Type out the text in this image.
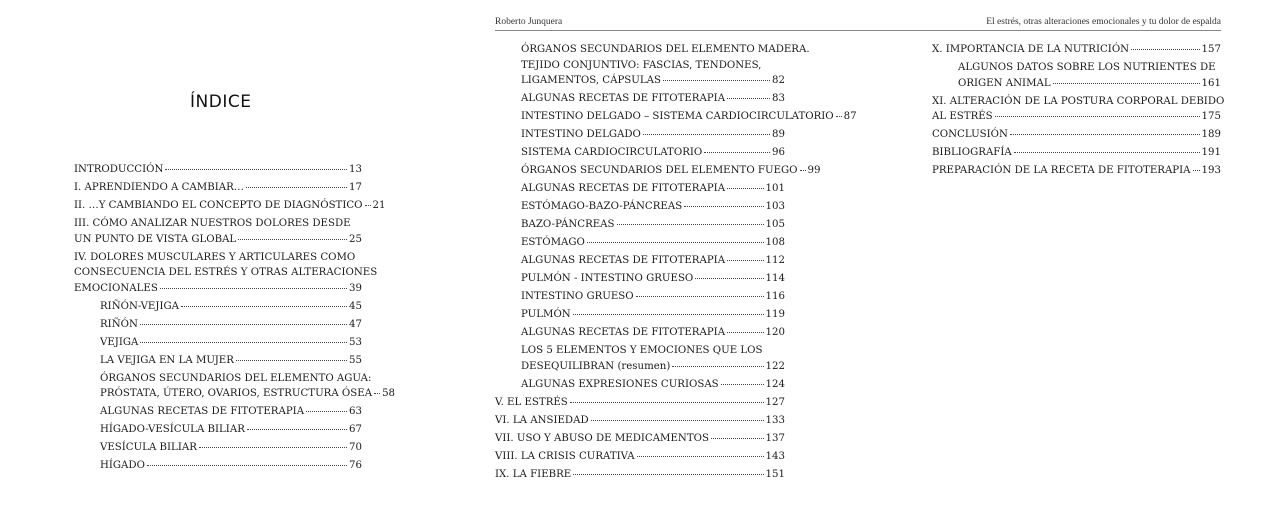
ÍNDICE
INTRODUCCIÓN	13
I. APRENDIENDO A CAMBIAR…	17
II. …Y CAMBIANDO EL CONCEPTO DE DIAGNÓSTICO 21
III. CÓMO ANALIZAR NUESTROS DOLORES DESDE
UN PUNTO DE VISTA GLOBAL	25
IV. DOLORES MUSCULARES Y ARTICULARES COMO
CONSECUENCIA DEL ESTRÉS Y OTRAS ALTERACIONES
EMOCIONALES	39
RIÑÓN-VEJIGA	45
RIÑÓN	47
VEJIGA	53
LA VEJIGA EN LA MUJER	55
ÓRGANOS SECUNDARIOS DEL ELEMENTO AGUA:
PRÓSTATA, ÚTERO, OVARIOS, ESTRUCTURA ÓSEA 58
ALGUNAS RECETAS DE FITOTERAPIA	63
HÍGADO-VESÍCULA BILIAR	67
VESÍCULA BILIAR	70
HÍGADO	76
Roberto Junquera
ÓRGANOS SECUNDARIOS DEL ELEMENTO MADERA.
TEJIDO CONJUNTIVO: FASCIAS, TENDONES,
LIGAMENTOS, CÁPSULAS	82
ALGUNAS RECETAS DE FITOTERAPIA	83
INTESTINO DELGADO – SISTEMA CARDIOCIRCULATORIO 87
INTESTINO DELGADO	89
SISTEMA CARDIOCIRCULATORIO	96
ÓRGANOS SECUNDARIOS DEL ELEMENTO FUEGO 99
ALGUNAS RECETAS DE FITOTERAPIA	101
ESTÓMAGO-BAZO-PÁNCREAS	103
BAZO-PÁNCREAS	105
ESTÓMAGO	108
ALGUNAS RECETAS DE FITOTERAPIA	112
PULMÓN - INTESTINO GRUESO	114
INTESTINO GRUESO	116
PULMÓN	119
ALGUNAS RECETAS DE FITOTERAPIA	120
LOS 5 ELEMENTOS Y EMOCIONES QUE LOS
DESEQUILIBRAN (resumen)	122
ALGUNAS EXPRESIONES CURIOSAS	124
V. EL ESTRÉS	127
VI. LA ANSIEDAD	133
VII. USO Y ABUSO DE MEDICAMENTOS	137
VIII. LA CRISIS CURATIVA	143
IX. LA FIEBRE	151
El estrés, otras alteraciones emocionales y tu dolor de espalda
X. IMPORTANCIA DE LA NUTRICIÓN	157
ALGUNOS DATOS SOBRE LOS NUTRIENTES DE
ORIGEN ANIMAL	161
XI. ALTERACIÓN DE LA POSTURA CORPORAL DEBIDO
AL ESTRÉS	175
CONCLUSIÓN	189
BIBLIOGRAFÍA	191
PREPARACIÓN DE LA RECETA DE FITOTERAPIA 193
